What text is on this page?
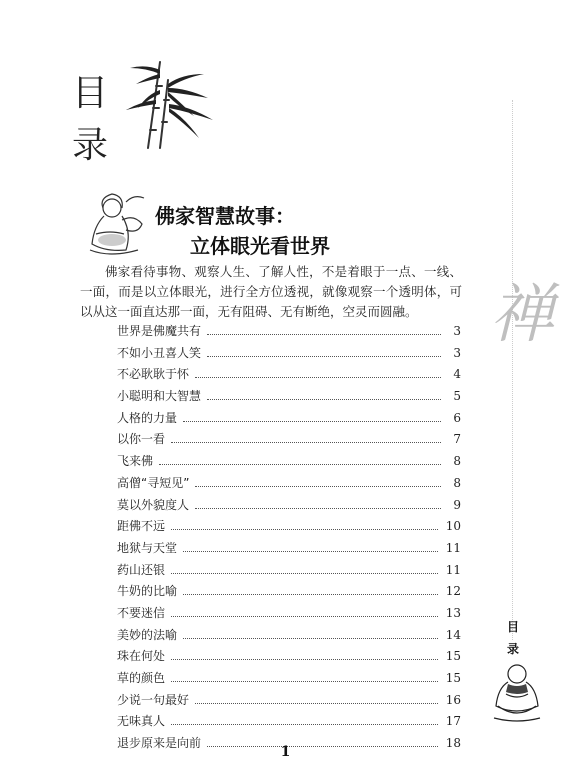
目
录
佛家智慧故事：
立体眼光看世界

佛家看待事物、观察人生、了解人性，不是着眼于一点、一线、一面，而是以立体眼光，进行全方位透视，就像观察一个透明体，可以从这一面直达那一面，无有阻碍、无有断绝，空灵而圆融。

世界是佛魔共有	3
不如小丑喜人笑	3
不必耿耿于怀	4
小聪明和大智慧	5
人格的力量	6
以你一看	7
飞来佛	8
高僧“寻短见”	8
莫以外貌度人	9
距佛不远	10
地狱与天堂	11
药山还银	11
牛奶的比喻	12
不要迷信	13
美妙的法喻	14
珠在何处	15
草的颜色	15
少说一句最好	16
无味真人	17
退步原来是向前	18
禅
目
录
1
